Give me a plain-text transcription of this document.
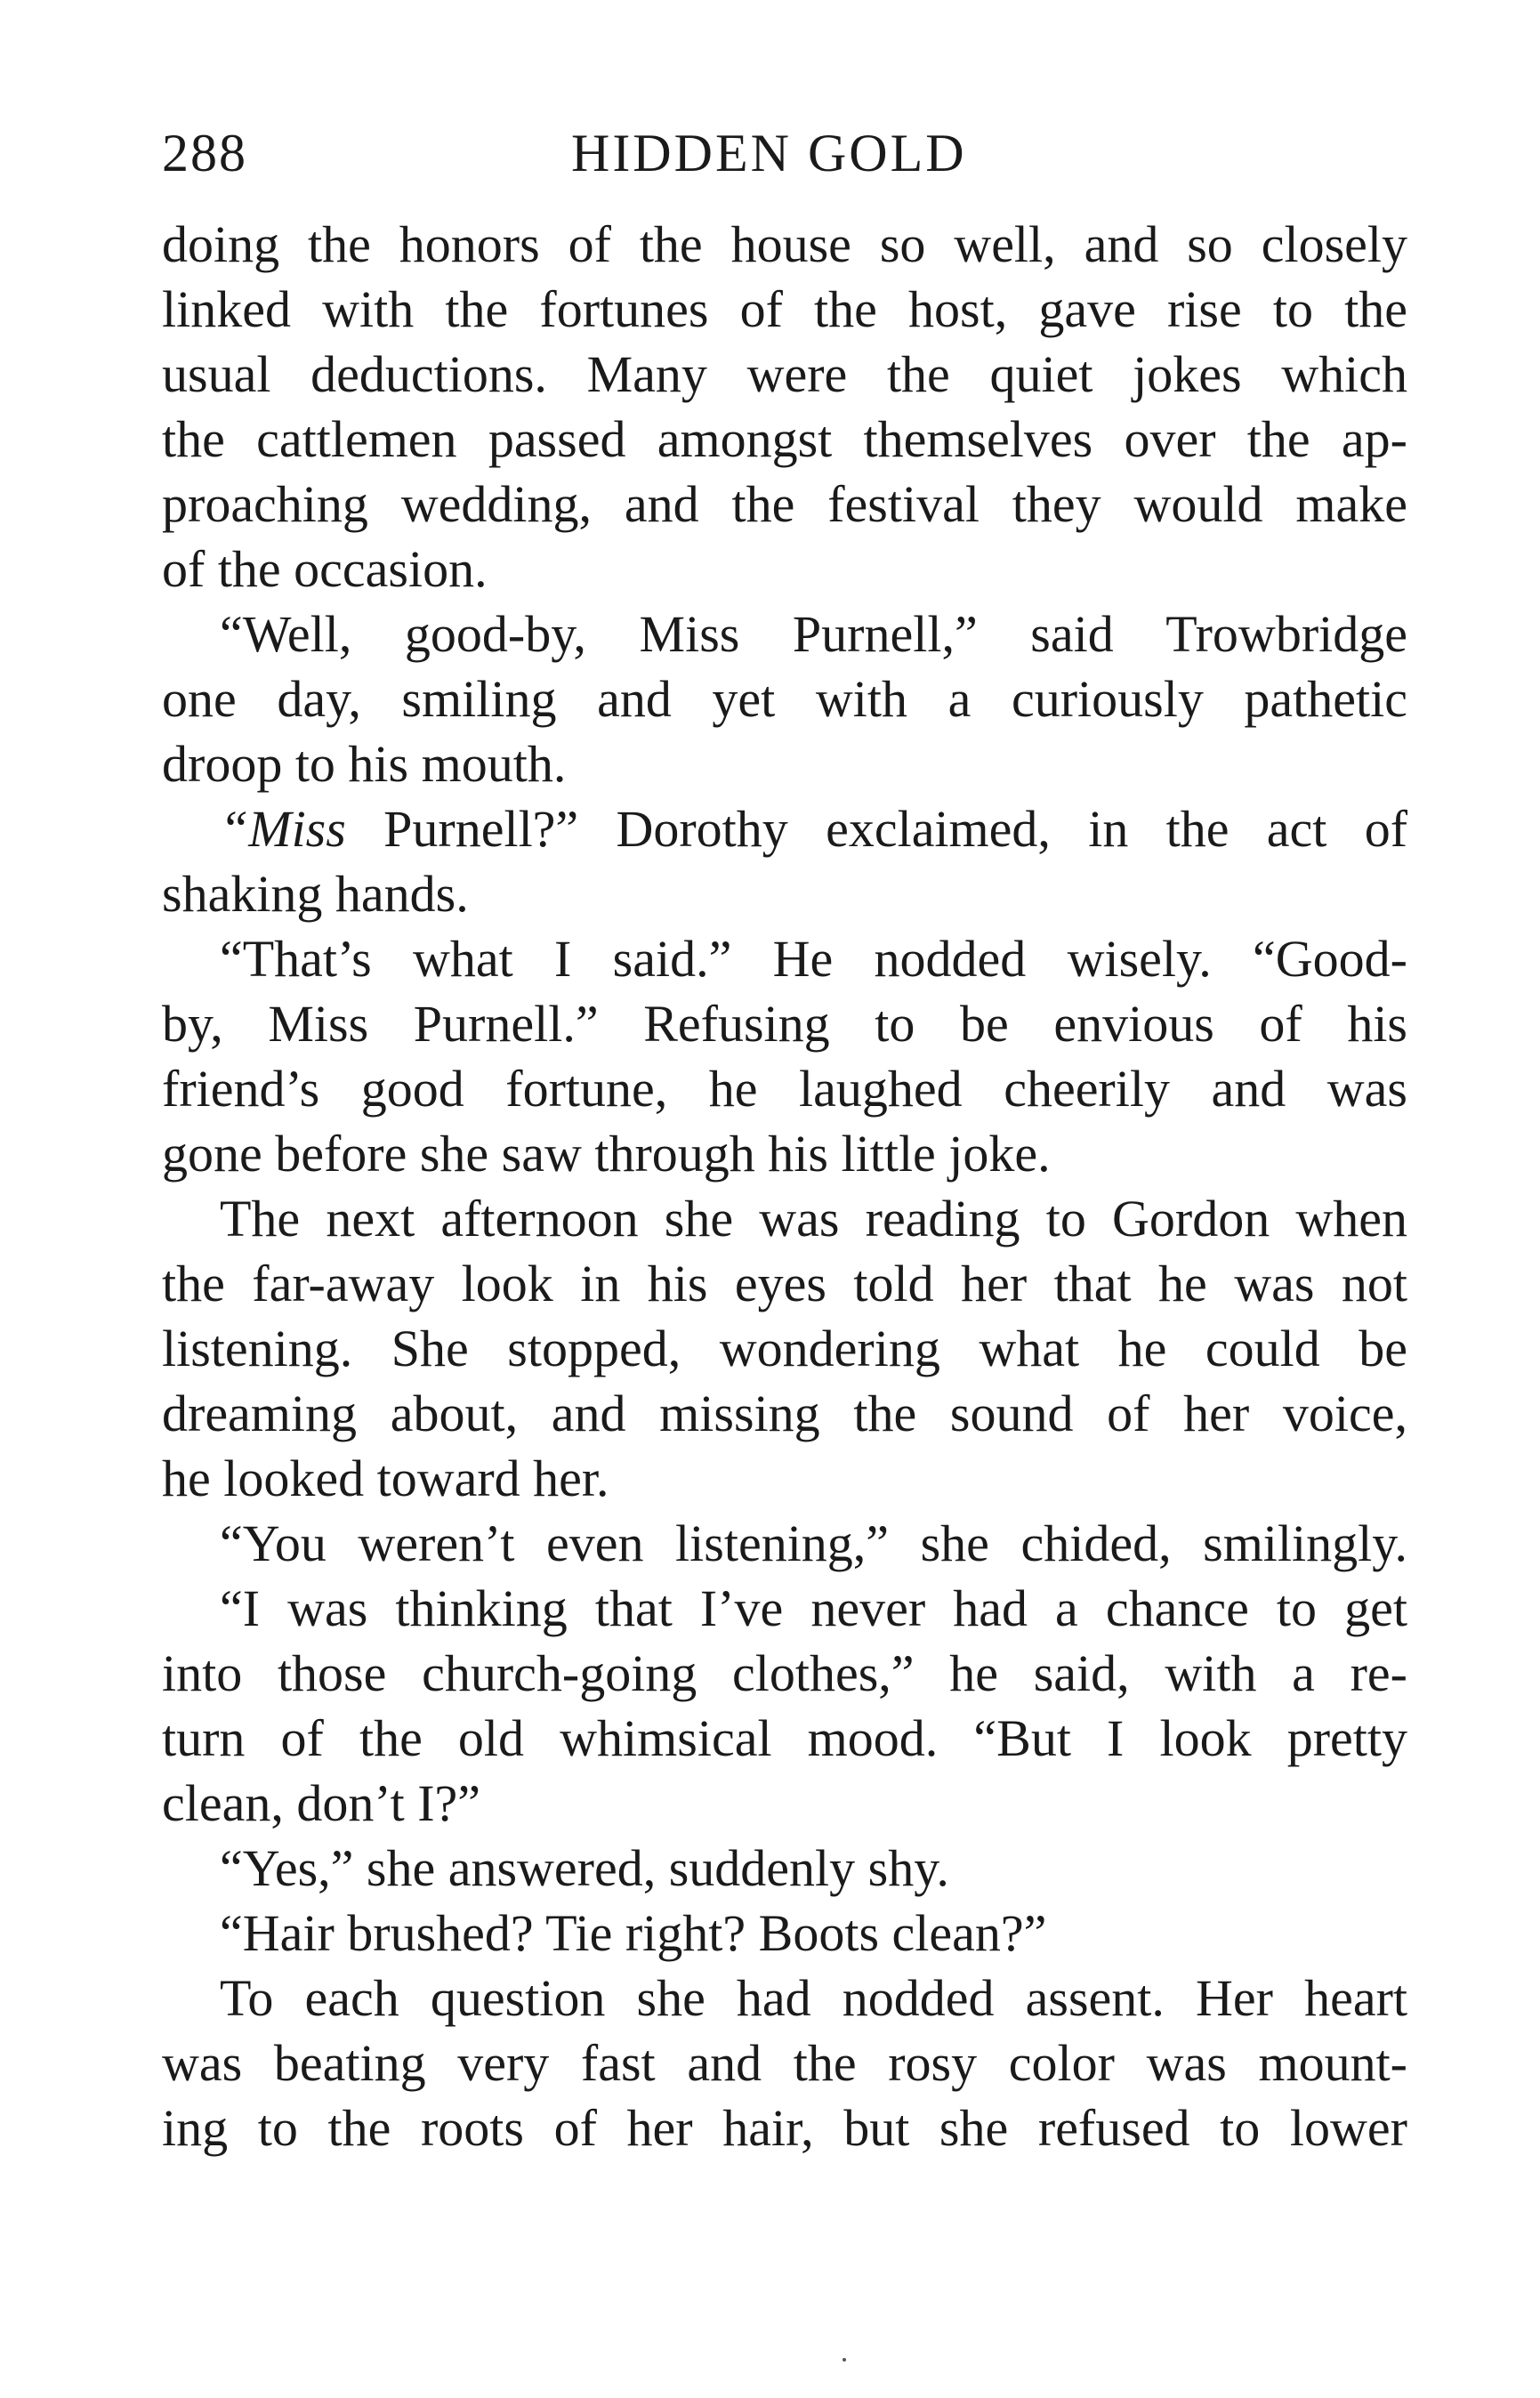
288	HIDDEN GOLD
doing the honors of the house so well, and so closely
linked with the fortunes of the host, gave rise to the
usual deductions. Many were the quiet jokes which
the cattlemen passed amongst themselves over the ap-
proaching wedding, and the festival they would make
of the occasion.
“Well, good-by, Miss Purnell,” said Trowbridge
one day, smiling and yet with a curiously pathetic
droop to his mouth.
“Miss Purnell?” Dorothy exclaimed, in the act of
shaking hands.
“That’s what I said.” He nodded wisely. “Good-
by, Miss Purnell.” Refusing to be envious of his
friend’s good fortune, he laughed cheerily and was
gone before she saw through his little joke.
The next afternoon she was reading to Gordon when
the far-away look in his eyes told her that he was not
listening. She stopped, wondering what he could be
dreaming about, and missing the sound of her voice,
he looked toward her.
“You weren’t even listening,” she chided, smilingly.
“I was thinking that I’ve never had a chance to get
into those church-going clothes,” he said, with a re-
turn of the old whimsical mood. “But I look pretty
clean, don’t I?”
“Yes,” she answered, suddenly shy.
“Hair brushed? Tie right? Boots clean?”
To each question she had nodded assent. Her heart
was beating very fast and the rosy color was mount-
ing to the roots of her hair, but she refused to lower
